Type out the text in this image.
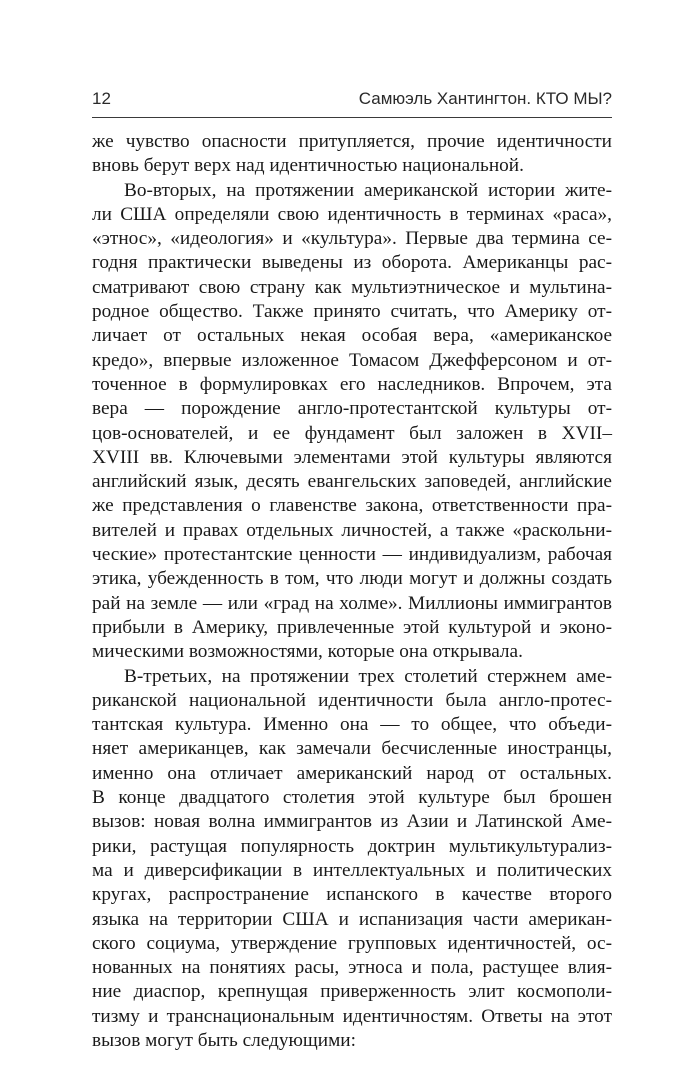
12	Самюэль Хантингтон. КТО МЫ?
же чувство опасности притупляется, прочие идентичности
вновь берут верх над идентичностью национальной.
Во-вторых, на протяжении американской истории жите-
ли США определяли свою идентичность в терминах «раса»,
«этнос», «идеология» и «культура». Первые два термина се-
годня практически выведены из оборота. Американцы рас-
сматривают свою страну как мультиэтническое и мультина-
родное общество. Также принято считать, что Америку от-
личает от остальных некая особая вера, «американское
кредо», впервые изложенное Томасом Джефферсоном и от-
точенное в формулировках его наследников. Впрочем, эта
вера — порождение англо-протестантской культуры от-
цов-основателей, и ее фундамент был заложен в XVII–
XVIII вв. Ключевыми элементами этой культуры являются
английский язык, десять евангельских заповедей, английские
же представления о главенстве закона, ответственности пра-
вителей и правах отдельных личностей, а также «раскольни-
ческие» протестантские ценности — индивидуализм, рабочая
этика, убежденность в том, что люди могут и должны создать
рай на земле — или «град на холме». Миллионы иммигрантов
прибыли в Америку, привлеченные этой культурой и эконо-
мическими возможностями, которые она открывала.
В-третьих, на протяжении трех столетий стержнем аме-
риканской национальной идентичности была англо-протес-
тантская культура. Именно она — то общее, что объеди-
няет американцев, как замечали бесчисленные иностранцы,
именно она отличает американский народ от остальных.
В конце двадцатого столетия этой культуре был брошен
вызов: новая волна иммигрантов из Азии и Латинской Аме-
рики, растущая популярность доктрин мультикультурализ-
ма и диверсификации в интеллектуальных и политических
кругах, распространение испанского в качестве второго
языка на территории США и испанизация части американ-
ского социума, утверждение групповых идентичностей, ос-
нованных на понятиях расы, этноса и пола, растущее влия-
ние диаспор, крепнущая приверженность элит космополи-
тизму и транснациональным идентичностям. Ответы на этот
вызов могут быть следующими:
